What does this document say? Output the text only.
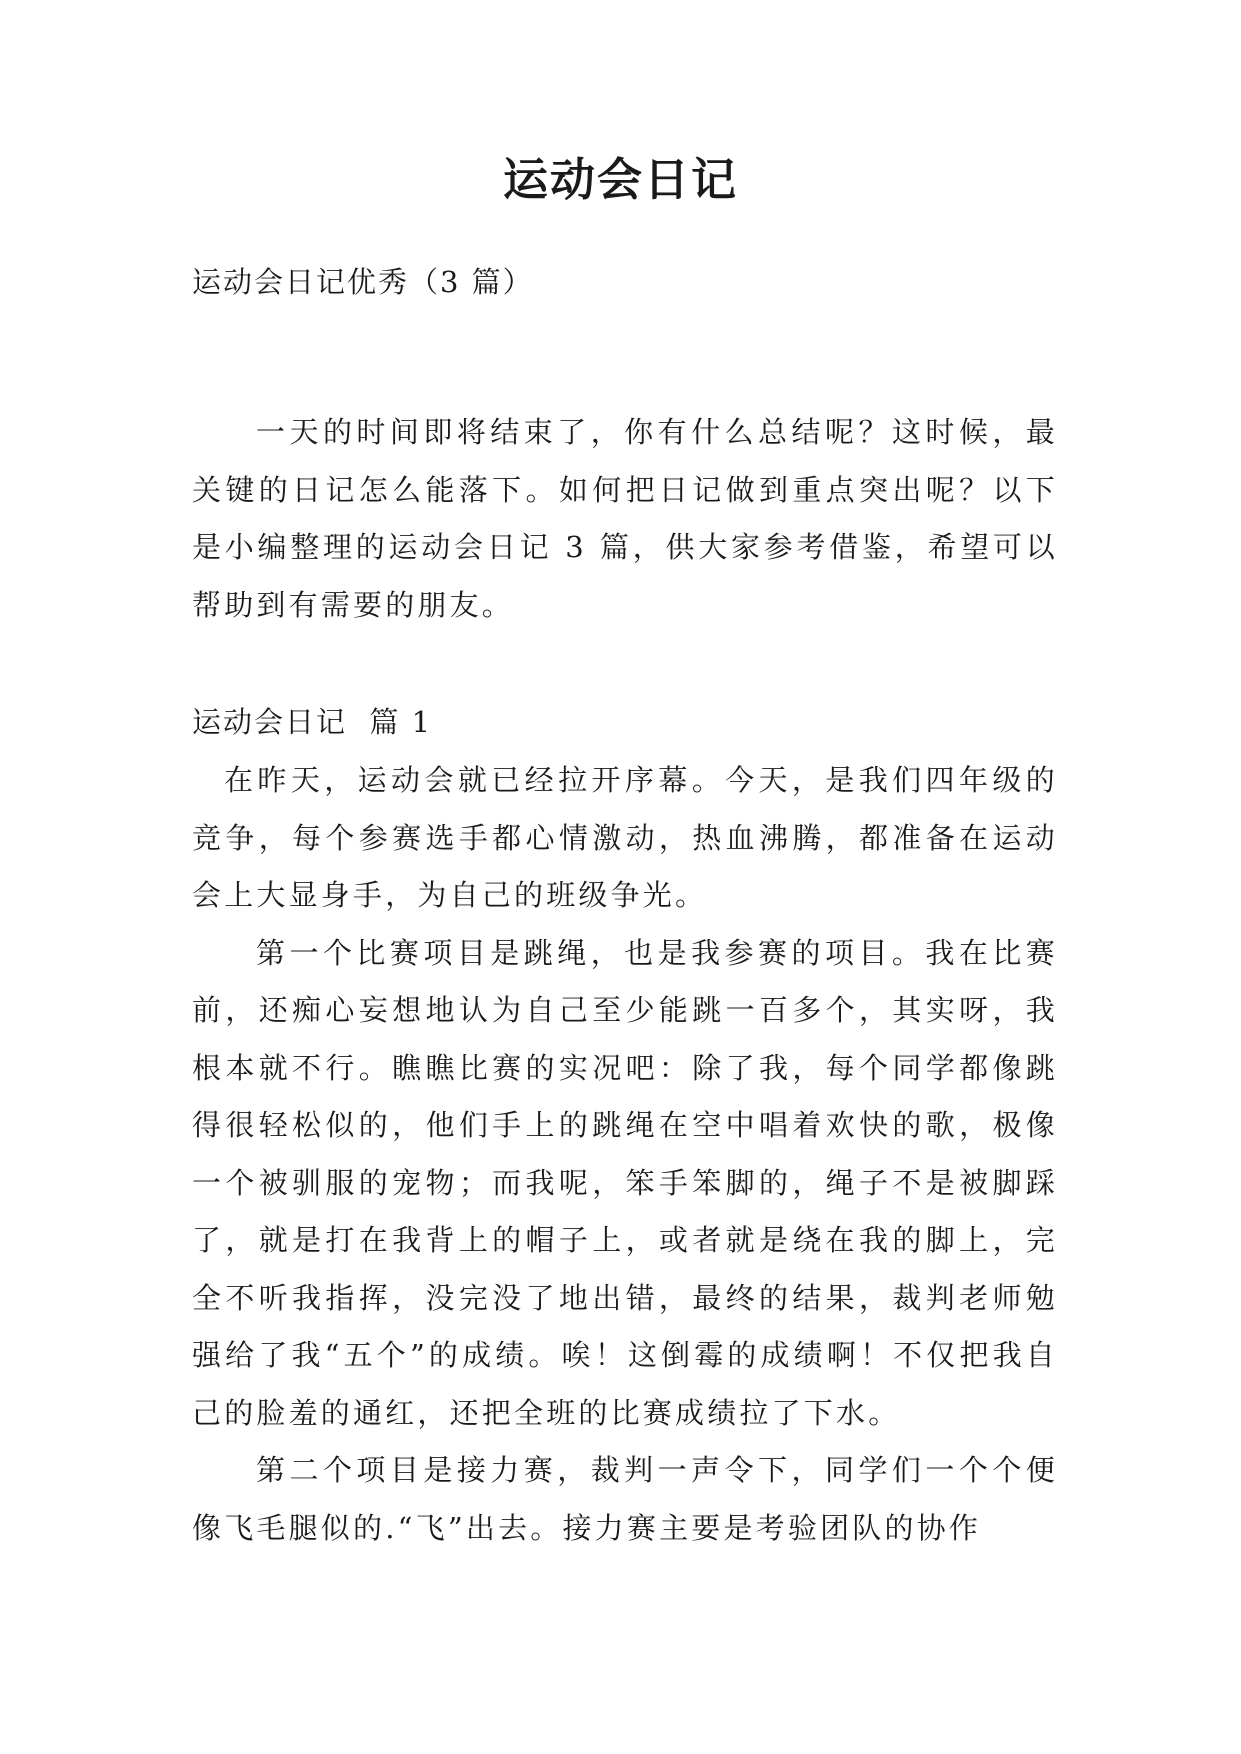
运动会日记
运动会日记优秀（3 篇）

一天的时间即将结束了，你有什么总结呢？这时候，最关键的日记怎么能落下。如何把日记做到重点突出呢？以下是小编整理的运动会日记 3 篇，供大家参考借鉴，希望可以帮助到有需要的朋友。

运动会日记  篇 1

在昨天，运动会就已经拉开序幕。今天，是我们四年级的竞争，每个参赛选手都心情激动，热血沸腾，都准备在运动会上大显身手，为自己的班级争光。

第一个比赛项目是跳绳，也是我参赛的项目。我在比赛前，还痴心妄想地认为自己至少能跳一百多个，其实呀，我根本就不行。瞧瞧比赛的实况吧：除了我，每个同学都像跳得很轻松似的，他们手上的跳绳在空中唱着欢快的歌，极像一个被驯服的宠物；而我呢，笨手笨脚的，绳子不是被脚踩了，就是打在我背上的帽子上，或者就是绕在我的脚上，完全不听我指挥，没完没了地出错，最终的结果，裁判老师勉强给了我“五个”的成绩。唉！这倒霉的成绩啊！不仅把我自己的脸羞的通红，还把全班的比赛成绩拉了下水。

第二个项目是接力赛，裁判一声令下，同学们一个个便像飞毛腿似的.“飞”出去。接力赛主要是考验团队的协作
